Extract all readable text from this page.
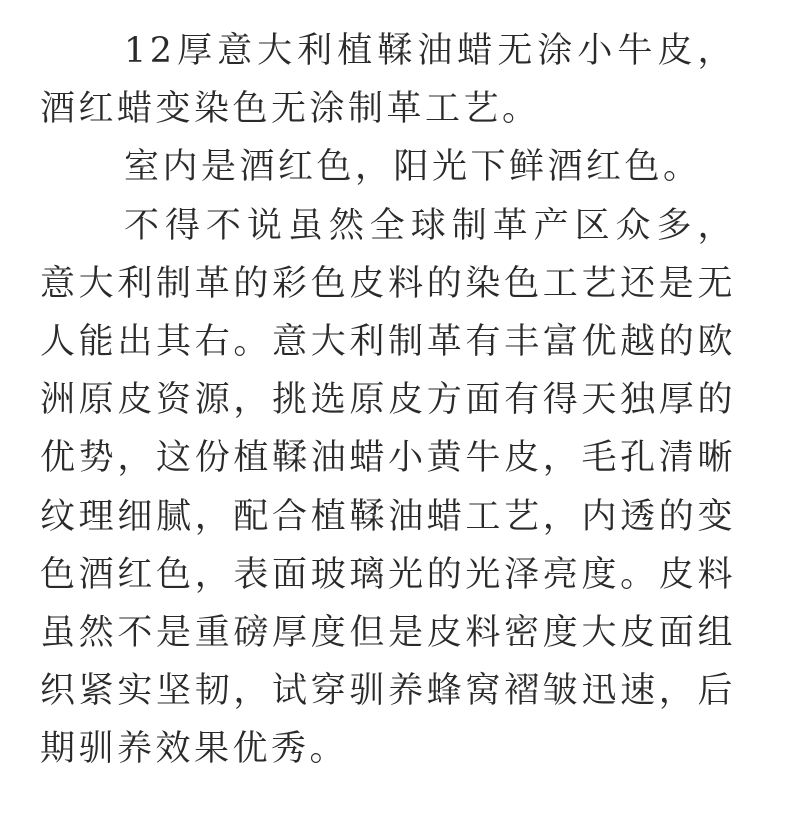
12厚意大利植鞣油蜡无涂小牛皮，酒红蜡变染色无涂制革工艺。

室内是酒红色，阳光下鲜酒红色。

不得不说虽然全球制革产区众多，意大利制革的彩色皮料的染色工艺还是无人能出其右。意大利制革有丰富优越的欧洲原皮资源，挑选原皮方面有得天独厚的优势，这份植鞣油蜡小黄牛皮，毛孔清晰纹理细腻，配合植鞣油蜡工艺，内透的变色酒红色，表面玻璃光的光泽亮度。皮料虽然不是重磅厚度但是皮料密度大皮面组织紧实坚韧，试穿驯养蜂窝褶皱迅速，后期驯养效果优秀。
